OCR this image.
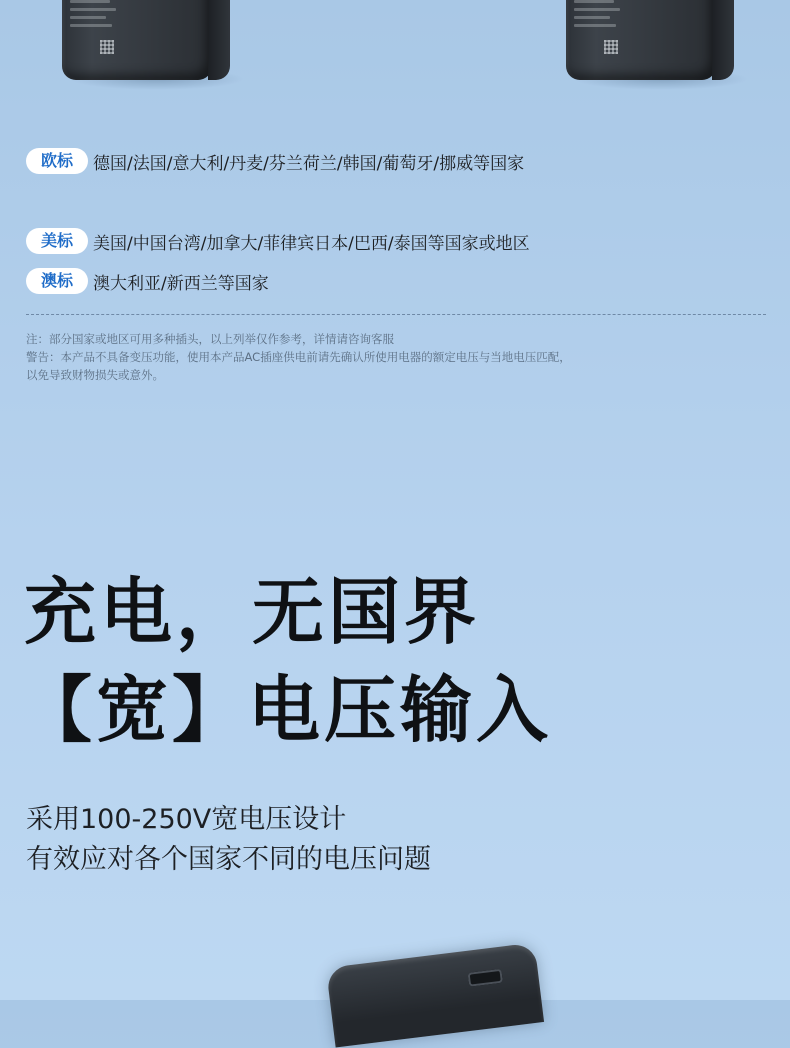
欧标	德国/法国/意大利/丹麦/芬兰荷兰/韩国/葡萄牙/挪威等国家
美标	美国/中国台湾/加拿大/菲律宾日本/巴西/泰国等国家或地区
澳标	澳大利亚/新西兰等国家
注：部分国家或地区可用多种插头，以上列举仅作参考，详情请咨询客服
警告：本产品不具备变压功能，使用本产品AC插座供电前请先确认所使用电器的额定电压与当地电压匹配，
以免导致财物损失或意外。
充电，无国界
【宽】电压输入
采用100-250V宽电压设计
有效应对各个国家不同的电压问题
